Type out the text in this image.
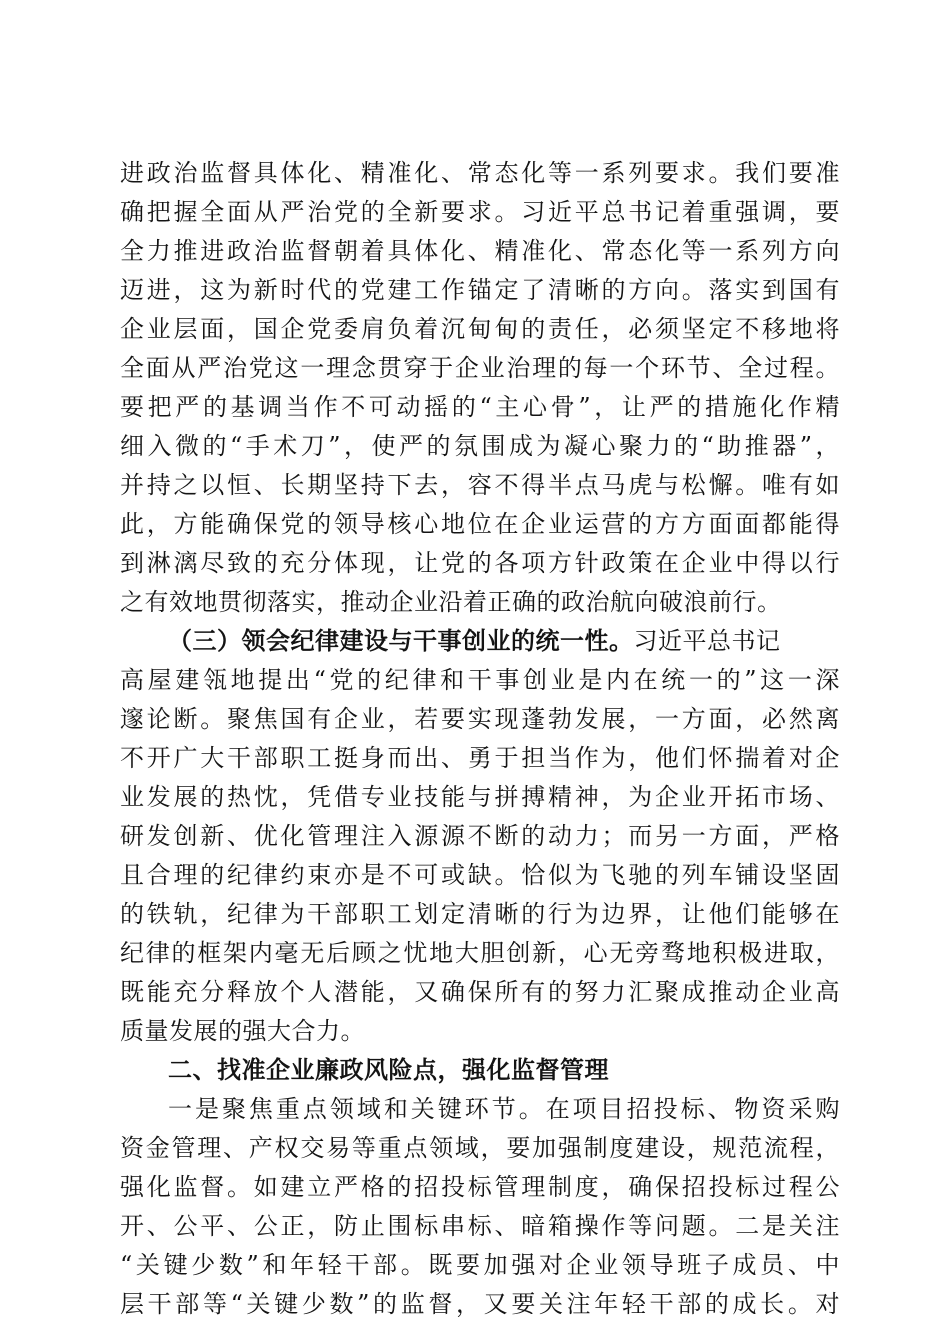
进政治监督具体化、精准化、常态化等一系列要求。我们要准
确把握全面从严治党的全新要求。习近平总书记着重强调，要
全力推进政治监督朝着具体化、精准化、常态化等一系列方向
迈进，这为新时代的党建工作锚定了清晰的方向。落实到国有
企业层面，国企党委肩负着沉甸甸的责任，必须坚定不移地将
全面从严治党这一理念贯穿于企业治理的每一个环节、全过程。
要把严的基调当作不可动摇的“主心骨”，让严的措施化作精
细入微的“手术刀”，使严的氛围成为凝心聚力的“助推器”，
并持之以恒、长期坚持下去，容不得半点马虎与松懈。唯有如
此，方能确保党的领导核心地位在企业运营的方方面面都能得
到淋漓尽致的充分体现，让党的各项方针政策在企业中得以行
之有效地贯彻落实，推动企业沿着正确的政治航向破浪前行。
（三）领会纪律建设与干事创业的统一性。习近平总书记
高屋建瓴地提出“党的纪律和干事创业是内在统一的”这一深
邃论断。聚焦国有企业，若要实现蓬勃发展，一方面，必然离
不开广大干部职工挺身而出、勇于担当作为，他们怀揣着对企
业发展的热忱，凭借专业技能与拼搏精神，为企业开拓市场、
研发创新、优化管理注入源源不断的动力；而另一方面，严格
且合理的纪律约束亦是不可或缺。恰似为飞驰的列车铺设坚固
的铁轨，纪律为干部职工划定清晰的行为边界，让他们能够在
纪律的框架内毫无后顾之忧地大胆创新，心无旁骛地积极进取，
既能充分释放个人潜能，又确保所有的努力汇聚成推动企业高
质量发展的强大合力。
二、找准企业廉政风险点，强化监督管理
一是聚焦重点领域和关键环节。在项目招投标、物资采购
资金管理、产权交易等重点领域，要加强制度建设，规范流程，
强化监督。如建立严格的招投标管理制度，确保招投标过程公
开、公平、公正，防止围标串标、暗箱操作等问题。二是关注
“关键少数”和年轻干部。既要加强对企业领导班子成员、中
层干部等“关键少数”的监督，又要关注年轻干部的成长。对
